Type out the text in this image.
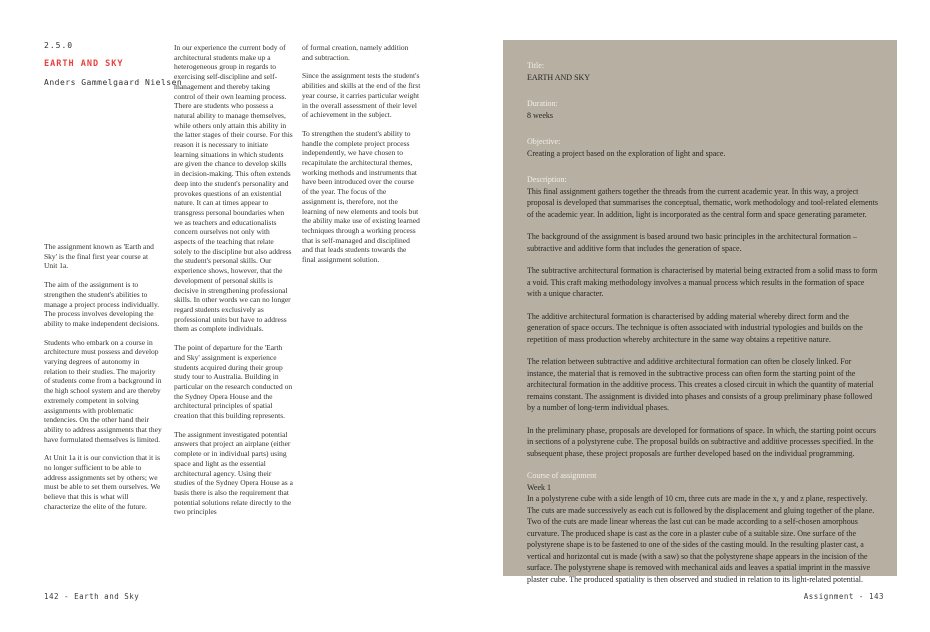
2.5.0
EARTH AND SKY
Anders Gammelgaard Nielsen

The assignment known as 'Earth and Sky' is the final first year course at Unit 1a.

The aim of the assignment is to strengthen the student's abilities to manage a project process individually. The process involves developing the ability to make independent decisions.

Students who embark on a course in architecture must possess and develop varying degrees of autonomy in relation to their studies. The majority of students come from a background in the high school system and are thereby extremely competent in solving assignments with problematic tendencies. On the other hand their ability to address assignments that they have formulated themselves is limited.

At Unit 1a it is our conviction that it is no longer sufficient to be able to address assignments set by others; we must be able to set them ourselves. We believe that this is what will characterize the elite of the future.

In our experience the current body of architectural students make up a heterogeneous group in regards to exercising self-discipline and self-management and thereby taking control of their own learning process. There are students who possess a natural ability to manage themselves, while others only attain this ability in the latter stages of their course. For this reason it is necessary to initiate learning situations in which students are given the chance to develop skills in decision-making. This often extends deep into the student's personality and provokes questions of an existential nature. It can at times appear to transgress personal boundaries when we as teachers and educationalists concern ourselves not only with aspects of the teaching that relate solely to the discipline but also address the student's personal skills. Our experience shows, however, that the development of personal skills is decisive in strengthening professional skills. In other words we can no longer regard students exclusively as professional units but have to address them as complete individuals.

The point of departure for the 'Earth and Sky' assignment is experience students acquired during their group study tour to Australia. Building in particular on the research conducted on the Sydney Opera House and the architectural principles of spatial creation that this building represents.

The assignment investigated potential answers that project an airplane (either complete or in individual parts) using space and light as the essential architectural agency. Using their studies of the Sydney Opera House as a basis there is also the requirement that potential solutions relate directly to the two principles

of formal creation, namely addition and subtraction.

Since the assignment tests the student's abilities and skills at the end of the first year course, it carries particular weight in the overall assessment of their level of achievement in the subject.

To strengthen the student's ability to handle the complete project process independently, we have chosen to recapitulate the architectural themes, working methods and instruments that have been introduced over the course of the year. The focus of the assignment is, therefore, not the learning of new elements and tools but the ability make use of existing learned techniques through a working process that is self-managed and disciplined and that leads students towards the final assignment solution.

Title:
EARTH AND SKY
Duration:
8 weeks
Objective:
Creating a project based on the exploration of light and space.
Description:

This final assignment gathers together the threads from the current academic year. In this way, a project proposal is developed that summarises the conceptual, thematic, work methodology and tool-related elements of the academic year. In addition, light is incorporated as the central form and space generating parameter.

The background of the assignment is based around two basic principles in the architectural formation – subtractive and additive form that includes the generation of space.

The subtractive architectural formation is characterised by material being extracted from a solid mass to form a void. This craft making methodology involves a manual process which results in the formation of space with a unique character.

The additive architectural formation is characterised by adding material whereby direct form and the generation of space occurs. The technique is often associated with industrial typologies and builds on the repetition of mass production whereby architecture in the same way obtains a repetitive nature.

The relation between subtractive and additive architectural formation can often be closely linked. For instance, the material that is removed in the subtractive process can often form the starting point of the architectural formation in the additive process. This creates a closed circuit in which the quantity of material remains constant. The assignment is divided into phases and consists of a group preliminary phase followed by a number of long-term individual phases.

In the preliminary phase, proposals are developed for formations of space. In which, the starting point occurs in sections of a polystyrene cube. The proposal builds on subtractive and additive processes specified. In the subsequent phase, these project proposals are further developed based on the individual programming.

Course of assignment
Week 1

In a polystyrene cube with a side length of 10 cm, three cuts are made in the x, y and z plane, respectively. The cuts are made successively as each cut is followed by the displacement and gluing together of the plane. Two of the cuts are made linear whereas the last cut can be made according to a self-chosen amorphous curvature. The produced shape is cast as the core in a plaster cube of a suitable size. One surface of the polystyrene shape is to be fastened to one of the sides of the casting mould. In the resulting plaster cast, a vertical and horizontal cut is made (with a saw) so that the polystyrene shape appears in the incision of the surface. The polystyrene shape is removed with mechanical aids and leaves a spatial imprint in the massive plaster cube. The produced spatiality is then observed and studied in relation to its light-related potential.

142 - Earth and Sky	Assignment - 143
